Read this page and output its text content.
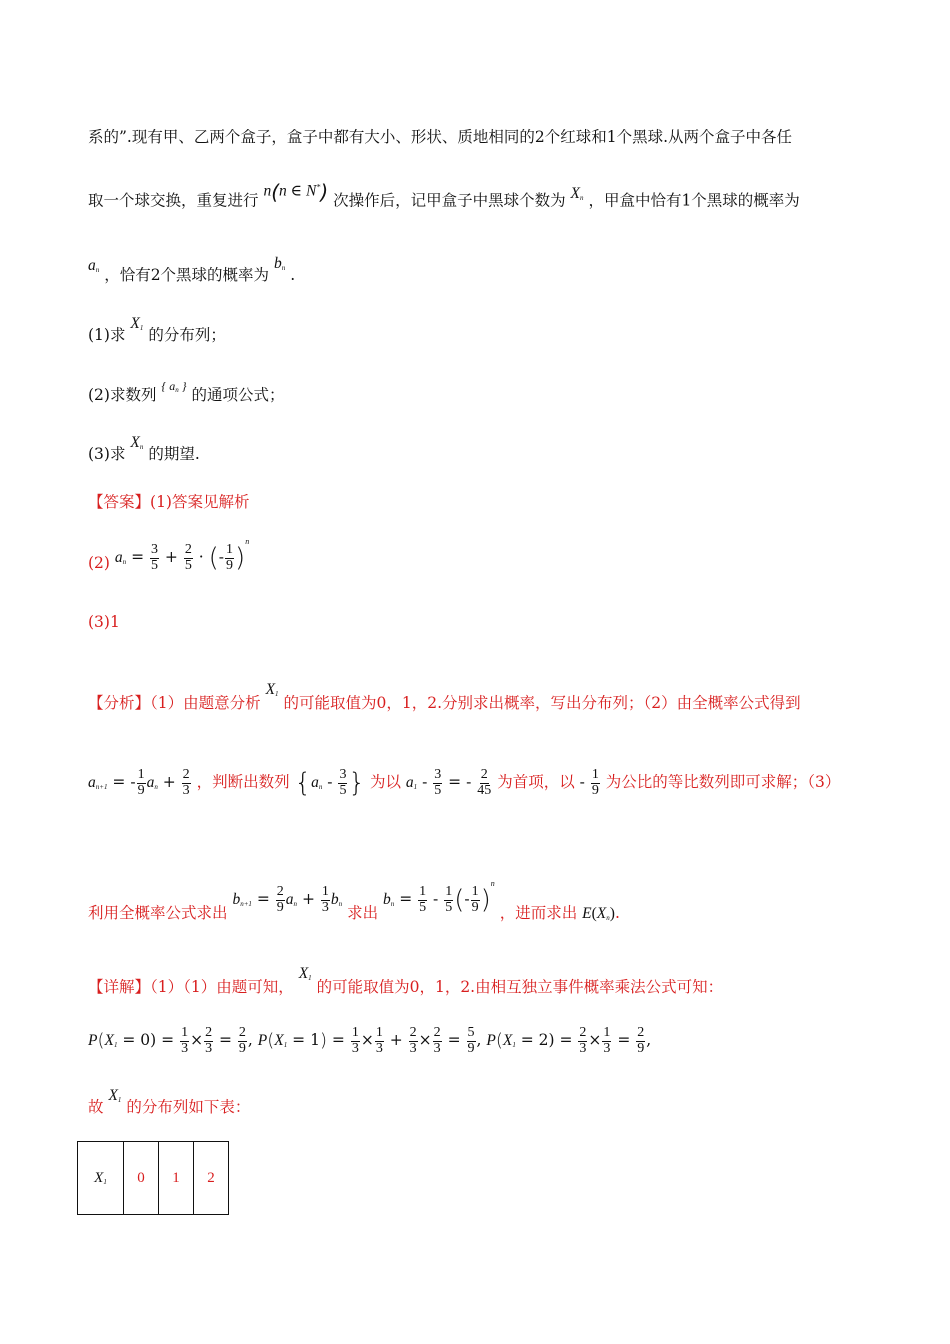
系的”.现有甲、乙两个盒子，盒子中都有大小、形状、质地相同的2个红球和1个黑球.从两个盒子中各任
取一个球交换，重复进行 n(n ∈ N*) 次操作后，记甲盒子中黑球个数为 $X_n$ ，甲盒中恰有1个黑球的概率为
$a_n$ ，恰有2个黑球的概率为 $b_n$ .
(1)求 $X_1$ 的分布列；
(2)求数列 { $a_n$ } 的通项公式；
(3)求 $X_n$ 的期望.
【答案】(1)答案见解析
(2) $a_n = \frac{3}{5} + \frac{2}{5}$ · (- $\frac{1}{9} )^n$
(3)1
【分析】（1）由题意分析 $X_1$ 的可能取值为0，1，2.分别求出概率，写出分布列；（2）由全概率公式得到
$a_{n+1}$ = - $\frac{1}{9} a_n + \frac{2}{3}$ ，判断出数列 {$a_n - \frac{3}{5}$ } 为以 $a_1 - \frac{3}{5}$ = - $\frac{2}{45}$ 为首项，以 - $\frac{1}{9}$ 为公比的等比数列即可求解；（3）
利用全概率公式求出 $b_{n+1} = \frac{2}{9} a_n + \frac{1}{3} b_n$ 求出 $b_n = \frac{1}{5} - \frac{1}{5}$ (- $\frac{1}{9} )^n$ ，进而求出 $E(X_n)$.
【详解】（1）（1）由题可知， $X_1$ 的可能取值为0，1，2.由相互独立事件概率乘法公式可知：
$P(X_1 = 0) = \frac{1}{3} \times \frac{2}{3} = \frac{2}{9}$ , $P(X_1 = 1) = \frac{1}{3} \times \frac{1}{3} + \frac{2}{3} \times \frac{2}{3} = \frac{5}{9}$ , $P(X_1 = 2) = \frac{2}{3} \times \frac{1}{3} = \frac{2}{9}$ ,
故 $X_1$ 的分布列如下表：
$X_1$	0	1	2
